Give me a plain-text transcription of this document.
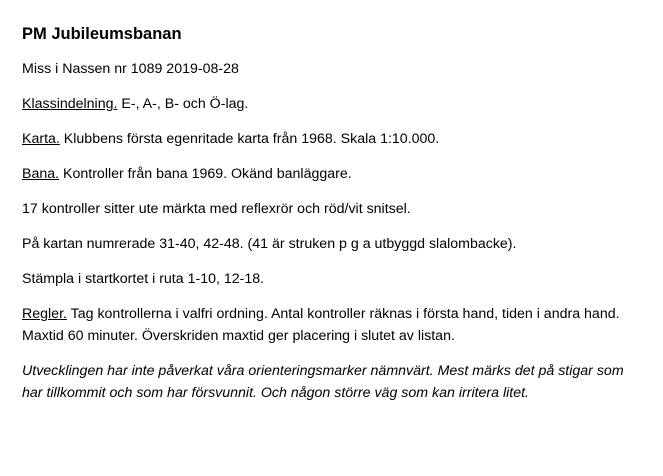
PM Jubileumsbanan
Miss i Nassen nr 1089 2019-08-28
Klassindelning. E-, A-, B- och Ö-lag.
Karta. Klubbens första egenritade karta från 1968. Skala 1:10.000.
Bana. Kontroller från bana 1969. Okänd banläggare.
17 kontroller sitter ute märkta med reflexrör och röd/vit snitsel.
På kartan numrerade 31-40, 42-48. (41 är struken p g a utbyggd slalombacke).
Stämpla i startkortet i ruta 1-10, 12-18.
Regler. Tag kontrollerna i valfri ordning. Antal kontroller räknas i första hand, tiden i andra hand. Maxtid 60 minuter. Överskriden maxtid ger placering i slutet av listan.
Utvecklingen har inte påverkat våra orienteringsmarker nämnvärt. Mest märks det på stigar som har tillkommit och som har försvunnit. Och någon större väg som kan irritera litet.
